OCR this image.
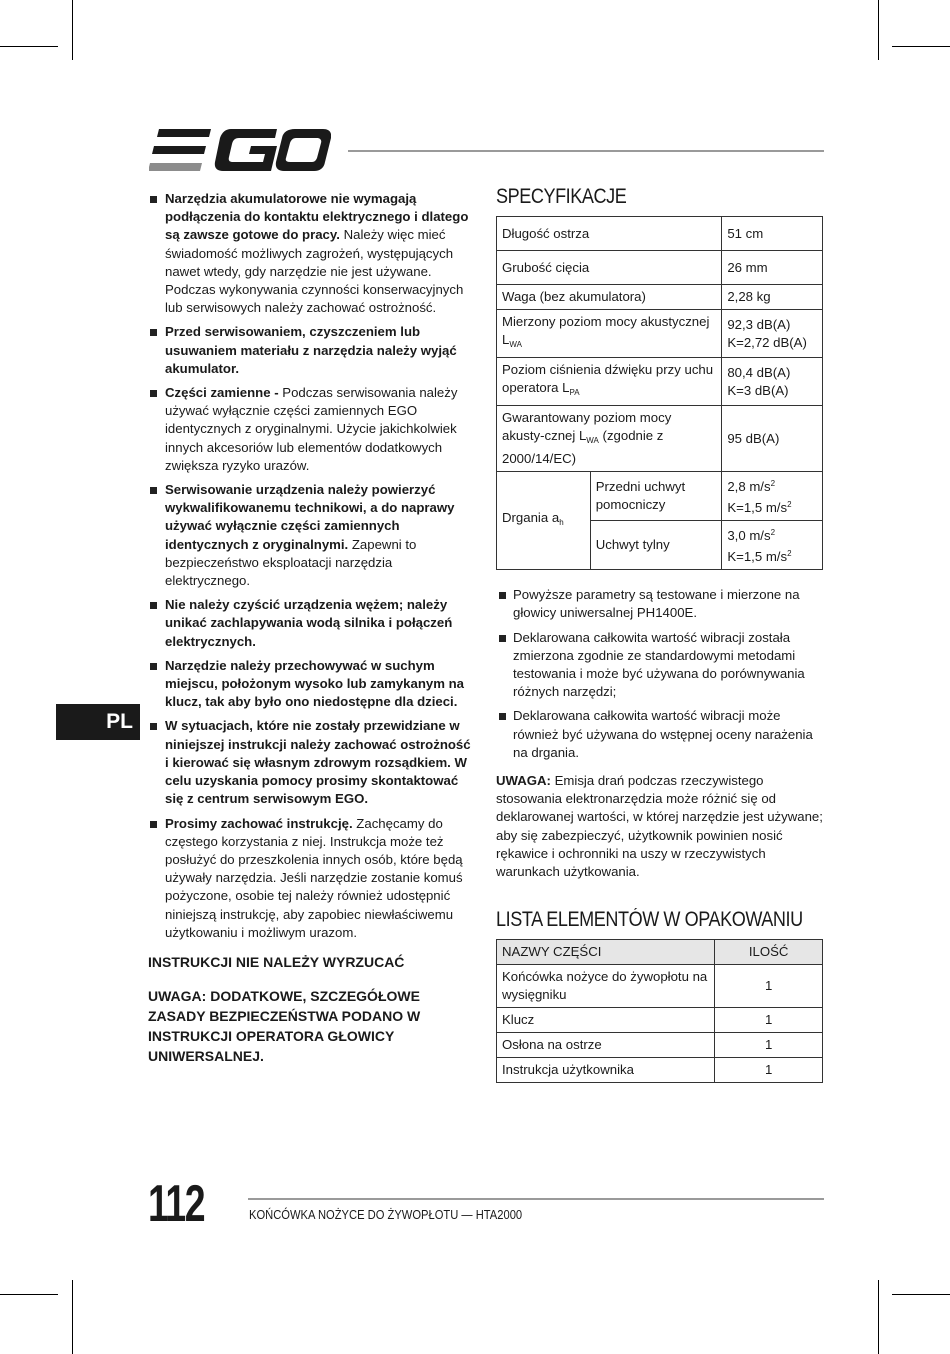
Narzędzia akumulatorowe nie wymagają podłączenia do kontaktu elektrycznego i dlatego są zawsze gotowe do pracy. Należy więc mieć świadomość możliwych zagrożeń, występujących nawet wtedy, gdy narzędzie nie jest używane. Podczas wykonywania czynności konserwacyjnych lub serwisowych należy zachować ostrożność.
Przed serwisowaniem, czyszczeniem lub usuwaniem materiału z narzędzia należy wyjąć akumulator.
Części zamienne - Podczas serwisowania należy używać wyłącznie części zamiennych EGO identycznych z oryginalnymi. Użycie jakichkolwiek innych akcesoriów lub elementów dodatkowych zwiększa ryzyko urazów.
Serwisowanie urządzenia należy powierzyć wykwalifikowanemu technikowi, a do naprawy używać wyłącznie części zamiennych identycznych z oryginalnymi. Zapewni to bezpieczeństwo eksploatacji narzędzia elektrycznego.
Nie należy czyścić urządzenia wężem; należy unikać zachlapywania wodą silnika i połączeń elektrycznych.
Narzędzie należy przechowywać w suchym miejscu, położonym wysoko lub zamykanym na klucz, tak aby było ono niedostępne dla dzieci.
W sytuacjach, które nie zostały przewidziane w niniejszej instrukcji należy zachować ostrożność i kierować się własnym zdrowym rozsądkiem. W celu uzyskania pomocy prosimy skontaktować się z centrum serwisowym EGO.
Prosimy zachować instrukcję. Zachęcamy do częstego korzystania z niej. Instrukcja może też posłużyć do przeszkolenia innych osób, które będą używały narzędzia. Jeśli narzędzie zostanie komuś pożyczone, osobie tej należy również udostępnić niniejszą instrukcję, aby zapobiec niewłaściwemu użytkowaniu i możliwym urazom.
INSTRUKCJI NIE NALEŻY WYRZUCAĆ
UWAGA: DODATKOWE, SZCZEGÓŁOWE ZASADY BEZPIECZEŃSTWA PODANO W INSTRUKCJI OPERATORA GŁOWICY UNIWERSALNEJ.
PL
SPECYFIKACJE
Długość ostrza		51 cm
Grubość cięcia		26 mm
Waga (bez akumulatora)		2,28 kg
Mierzony poziom mocy akustycznej $L_{WA}$		92,3 dB(A)
K=2,72 dB(A)
Poziom ciśnienia dźwięku przy uchu operatora $L_{PA}$		80,4 dB(A)
K=3 dB(A)
Gwarantowany poziom mocy akusty-cznej $L_{WA}$ (zgodnie z 2000/14/EC)		95 dB(A)
Drgania $a_h$	Przedni uchwyt pomocniczy	2,8 $m/s^2$
K=1,5 $m/s^2$
	Uchwyt tylny	3,0 $m/s^2$
K=1,5 $m/s^2$
Powyższe parametry są testowane i mierzone na głowicy uniwersalnej PH1400E.
Deklarowana całkowita wartość wibracji została zmierzona zgodnie ze standardowymi metodami testowania i może być używana do porównywania różnych narzędzi;
Deklarowana całkowita wartość wibracji może również być używana do wstępnej oceny narażenia na drgania.

UWAGA: Emisja drań podczas rzeczywistego stosowania elektronarzędzia może różnić się od deklarowanej wartości, w której narzędzie jest używane; aby się zabezpieczyć, użytkownik powinien nosić rękawice i ochronniki na uszy w rzeczywistych warunkach użytkowania.

LISTA ELEMENTÓW W OPAKOWANIU
NAZWY CZĘŚCI	ILOŚĆ
Końcówka nożyce do żywopłotu na wysięgniku	1
Klucz	1
Osłona na ostrze	1
Instrukcja użytkownika	1
112	KOŃCÓWKA NOŻYCE DO ŻYWOPŁOTU — HTA2000
